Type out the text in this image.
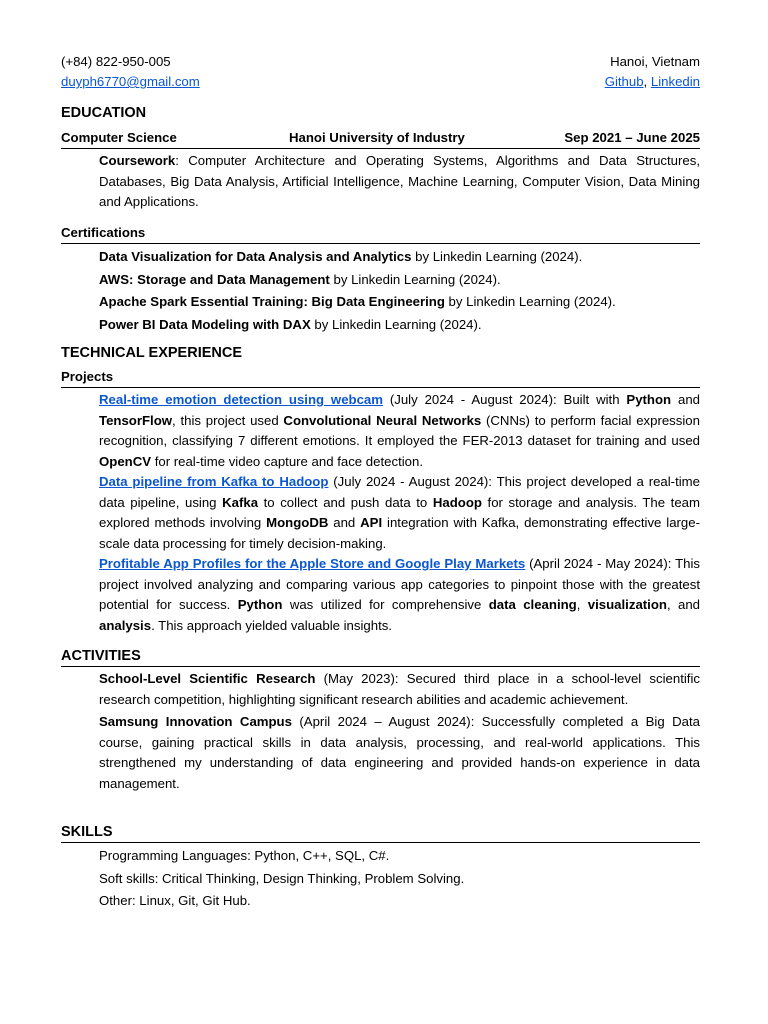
(+84) 822-950-005	Hanoi, Vietnam
duyph6770@gmail.com	Github, Linkedin
EDUCATION
Computer Science	Hanoi University of Industry	Sep 2021 – June 2025
Coursework: Computer Architecture and Operating Systems, Algorithms and Data Structures, Databases, Big Data Analysis, Artificial Intelligence, Machine Learning, Computer Vision, Data Mining and Applications.
Certifications
Data Visualization for Data Analysis and Analytics by Linkedin Learning (2024).
AWS: Storage and Data Management by Linkedin Learning (2024).
Apache Spark Essential Training: Big Data Engineering by Linkedin Learning (2024).
Power BI Data Modeling with DAX by Linkedin Learning (2024).
TECHNICAL EXPERIENCE
Projects

Real-time emotion detection using webcam (July 2024 - August 2024): Built with Python and TensorFlow, this project used Convolutional Neural Networks (CNNs) to perform facial expression recognition, classifying 7 different emotions. It employed the FER-2013 dataset for training and used OpenCV for real-time video capture and face detection.

Data pipeline from Kafka to Hadoop (July 2024 - August 2024): This project developed a real-time data pipeline, using Kafka to collect and push data to Hadoop for storage and analysis. The team explored methods involving MongoDB and API integration with Kafka, demonstrating effective large-scale data processing for timely decision-making.

Profitable App Profiles for the Apple Store and Google Play Markets (April 2024 - May 2024): This project involved analyzing and comparing various app categories to pinpoint those with the greatest potential for success. Python was utilized for comprehensive data cleaning, visualization, and analysis. This approach yielded valuable insights.

ACTIVITIES

School-Level Scientific Research (May 2023): Secured third place in a school-level scientific research competition, highlighting significant research abilities and academic achievement.

Samsung Innovation Campus (April 2024 – August 2024): Successfully completed a Big Data course, gaining practical skills in data analysis, processing, and real-world applications. This strengthened my understanding of data engineering and provided hands-on experience in data management.

SKILLS
Programming Languages: Python, C++, SQL, C#.
Soft skills: Critical Thinking, Design Thinking, Problem Solving.
Other: Linux, Git, Git Hub.
